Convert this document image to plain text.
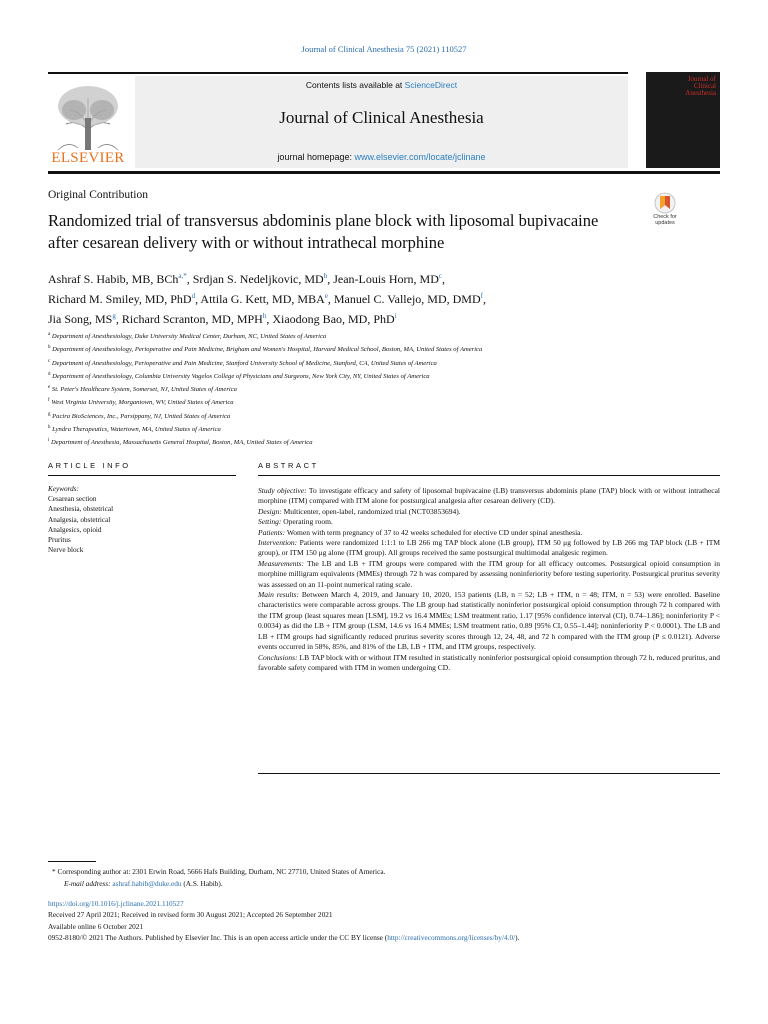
Journal of Clinical Anesthesia 75 (2021) 110527
ELSEVIER
Contents lists available at ScienceDirect
Journal of Clinical Anesthesia
journal homepage: www.elsevier.com/locate/jclinane
Journal of Clinical Anesthesia
Original Contribution
Randomized trial of transversus abdominis plane block with liposomal bupivacaine after cesarean delivery with or without intrathecal morphine
Check for updates
Ashraf S. Habib, MB, BCh$^{a,*}$, Srdjan S. Nedeljkovic, $MD^b$, Jean-Louis Horn, $MD^c$,
Richard M. Smiley, MD, PhD$^d$, Attila G. Kett, MD, MBA$^e$, Manuel C. Vallejo, MD, DMD$^f$,
Jia Song, $MS^g$, Richard Scranton, MD, MPH$^h$, Xiaodong Bao, MD, PhD$^i$
$^a$ Department of Anesthesiology, Duke University Medical Center, Durham, NC, United States of America
$^b$ Department of Anesthesiology, Perioperative and Pain Medicine, Brigham and Women's Hospital, Harvard Medical School, Boston, MA, United States of America
$^c$ Department of Anesthesiology, Perioperative and Pain Medicine, Stanford University School of Medicine, Stanford, CA, United States of America
$^d$ Department of Anesthesiology, Columbia University Vagelos College of Physicians and Surgeons, New York City, NY, United States of America
$^e$ St. Peter's Healthcare System, Somerset, NJ, United States of America
$^f$ West Virginia University, Morgantown, WV, United States of America
$^g$ Pacira BioSciences, Inc., Parsippany, NJ, United States of America
$^h$ Lyndra Therapeutics, Watertown, MA, United States of America
$^i$ Department of Anesthesia, Massachusetts General Hospital, Boston, MA, United States of America
ARTICLE INFO	ABSTRACT
Keywords:
Cesarean section
Anesthesia, obstetrical
Analgesia, obstetrical
Analgesics, opioid
Pruritus
Nerve block

Study objective: To investigate efficacy and safety of liposomal bupivacaine (LB) transversus abdominis plane (TAP) block with or without intrathecal morphine (ITM) compared with ITM alone for postsurgical analgesia after cesarean delivery (CD).

Design: Multicenter, open-label, randomized trial (NCT03853694).

Setting: Operating room.

Patients: Women with term pregnancy of 37 to 42 weeks scheduled for elective CD under spinal anesthesia.

Intervention: Patients were randomized 1:1:1 to LB 266 mg TAP block alone (LB group), ITM 50 μg followed by LB 266 mg TAP block (LB + ITM group), or ITM 150 μg alone (ITM group). All groups received the same postsurgical multimodal analgesic regimen.

Measurements: The LB and LB + ITM groups were compared with the ITM group for all efficacy outcomes. Postsurgical opioid consumption in morphine milligram equivalents (MMEs) through 72 h was compared by assessing noninferiority before testing superiority. Postsurgical pruritus severity was assessed on an 11-point numerical rating scale.

Main results: Between March 4, 2019, and January 10, 2020, 153 patients (LB, n = 52; LB + ITM, n = 48; ITM, n = 53) were enrolled. Baseline characteristics were comparable across groups. The LB group had statistically noninferior postsurgical opioid consumption through 72 h compared with the ITM group (least squares mean [LSM], 19.2 vs 16.4 MMEs; LSM treatment ratio, 1.17 [95% confidence interval (CI), 0.74–1.86]; noninferiority P < 0.0034) as did the LB + ITM group (LSM, 14.6 vs 16.4 MMEs; LSM treatment ratio, 0.89 [95% CI, 0.55–1.44]; noninferiority P < 0.0001). The LB and LB + ITM groups had significantly reduced pruritus severity scores through 12, 24, 48, and 72 h compared with the ITM group (P ≤ 0.0121). Adverse events occurred in 58%, 85%, and 81% of the LB, LB + ITM, and ITM groups, respectively.

Conclusions: LB TAP block with or without ITM resulted in statistically noninferior postsurgical opioid consumption through 72 h, reduced pruritus, and favorable safety compared with ITM in women undergoing CD.

* Corresponding author at: 2301 Erwin Road, 5666 Hafs Building, Durham, NC 27710, United States of America.
E-mail address: ashraf.habib@duke.edu (A.S. Habib).
https://doi.org/10.1016/j.jclinane.2021.110527
Received 27 April 2021; Received in revised form 30 August 2021; Accepted 26 September 2021
Available online 6 October 2021
0952-8180/© 2021 The Authors. Published by Elsevier Inc. This is an open access article under the CC BY license (http://creativecommons.org/licenses/by/4.0/).
